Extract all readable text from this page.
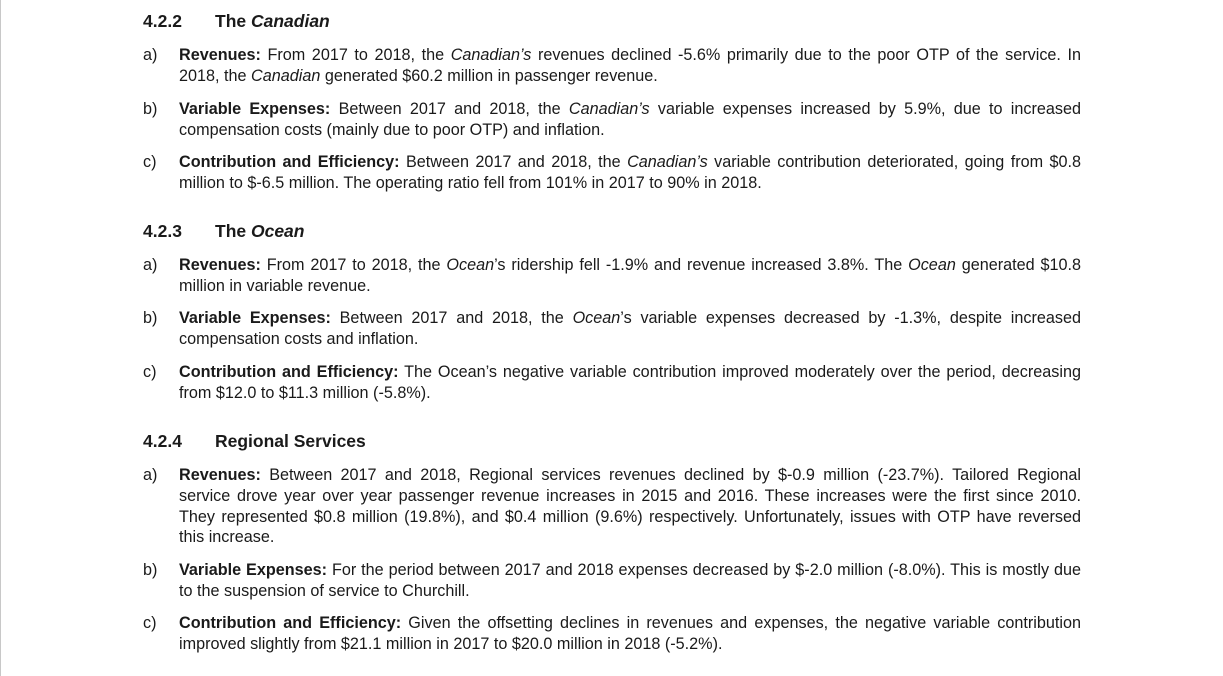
4.2.2 The Canadian
a) Revenues: From 2017 to 2018, the Canadian’s revenues declined -5.6% primarily due to the poor OTP of the service. In 2018, the Canadian generated $60.2 million in passenger revenue.
b) Variable Expenses: Between 2017 and 2018, the Canadian’s variable expenses increased by 5.9%, due to increased compensation costs (mainly due to poor OTP) and inflation.
c) Contribution and Efficiency: Between 2017 and 2018, the Canadian’s variable contribution deteriorated, going from $0.8 million to $-6.5 million. The operating ratio fell from 101% in 2017 to 90% in 2018.
4.2.3 The Ocean
a) Revenues: From 2017 to 2018, the Ocean’s ridership fell -1.9% and revenue increased 3.8%. The Ocean generated $10.8 million in variable revenue.
b) Variable Expenses: Between 2017 and 2018, the Ocean’s variable expenses decreased by -1.3%, despite increased compensation costs and inflation.
c) Contribution and Efficiency: The Ocean’s negative variable contribution improved moderately over the period, decreasing from $12.0 to $11.3 million (-5.8%).
4.2.4 Regional Services
a) Revenues: Between 2017 and 2018, Regional services revenues declined by $-0.9 million (-23.7%). Tailored Regional service drove year over year passenger revenue increases in 2015 and 2016. These increases were the first since 2010. They represented $0.8 million (19.8%), and $0.4 million (9.6%) respectively. Unfortunately, issues with OTP have reversed this increase.
b) Variable Expenses: For the period between 2017 and 2018 expenses decreased by $-2.0 million (-8.0%). This is mostly due to the suspension of service to Churchill.
c) Contribution and Efficiency: Given the offsetting declines in revenues and expenses, the negative variable contribution improved slightly from $21.1 million in 2017 to $20.0 million in 2018 (-5.2%).
